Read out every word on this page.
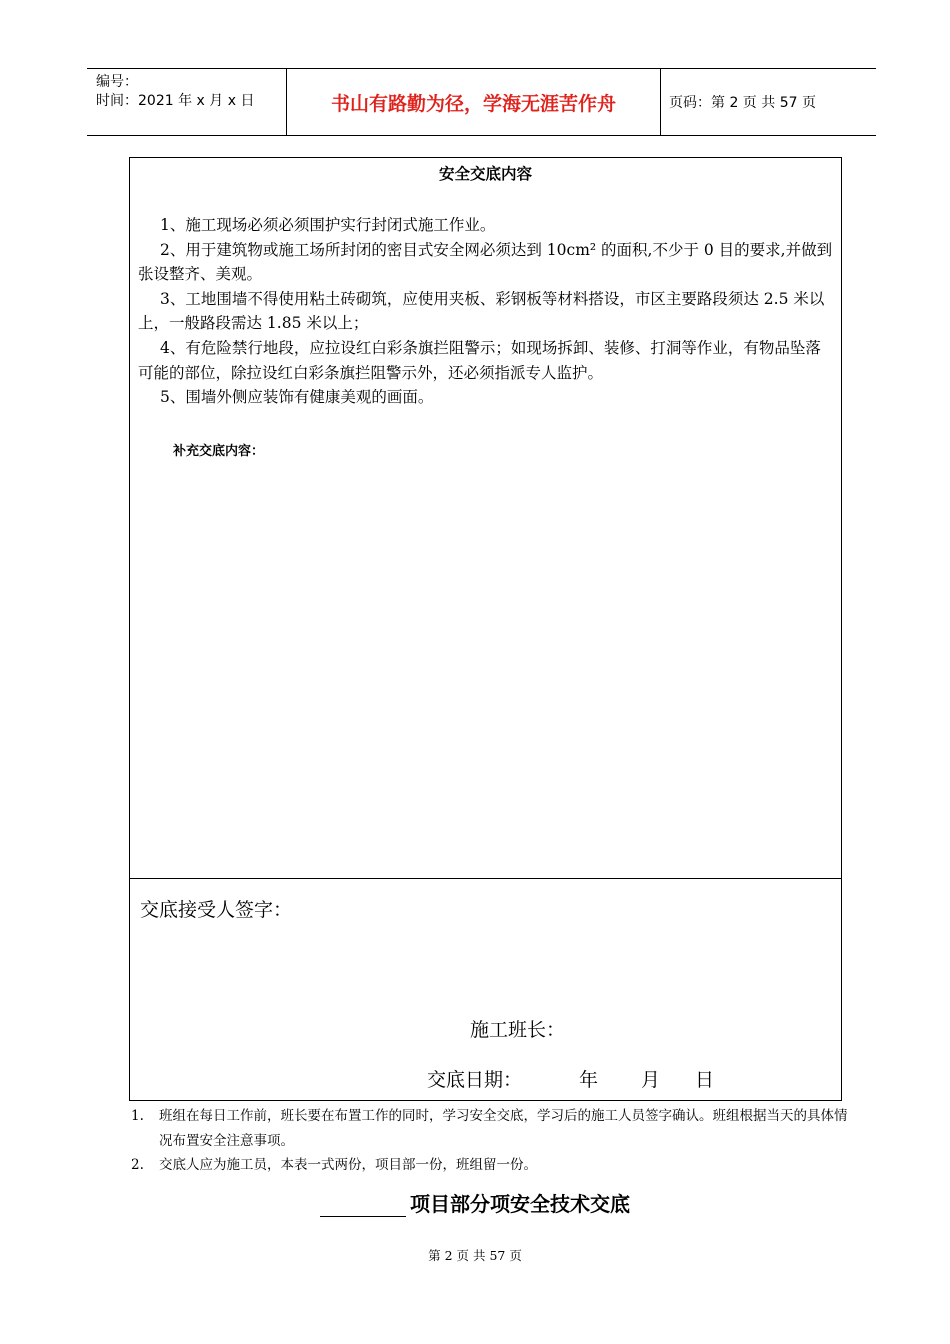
编号：
时间：2021 年 x 月 x 日	书山有路勤为径，学海无涯苦作舟	页码：第 2 页 共 57 页
安全交底内容

1、施工现场必须必须围护实行封闭式施工作业。

2、用于建筑物或施工场所封闭的密目式安全网必须达到 10cm² 的面积,不少于 0 目的要求,并做到张设整齐、美观。

3、工地围墙不得使用粘土砖砌筑，应使用夹板、彩钢板等材料搭设，市区主要路段须达 2.5 米以上，一般路段需达 1.85 米以上；

4、有危险禁行地段，应拉设红白彩条旗拦阻警示；如现场拆卸、装修、打洞等作业，有物品坠落可能的部位，除拉设红白彩条旗拦阻警示外，还必须指派专人监护。

5、围墙外侧应装饰有健康美观的画面。

补充交底内容：
交底接受人签字：
施工班长：
交底日期：	年 月 日
1.	班组在每日工作前，班长要在布置工作的同时，学习安全交底，学习后的施工人员签字确认。班组根据当天的具体情况布置安全注意事项。
2.	交底人应为施工员，本表一式两份，项目部一份，班组留一份。
项目部分项安全技术交底
第 2 页 共 57 页
